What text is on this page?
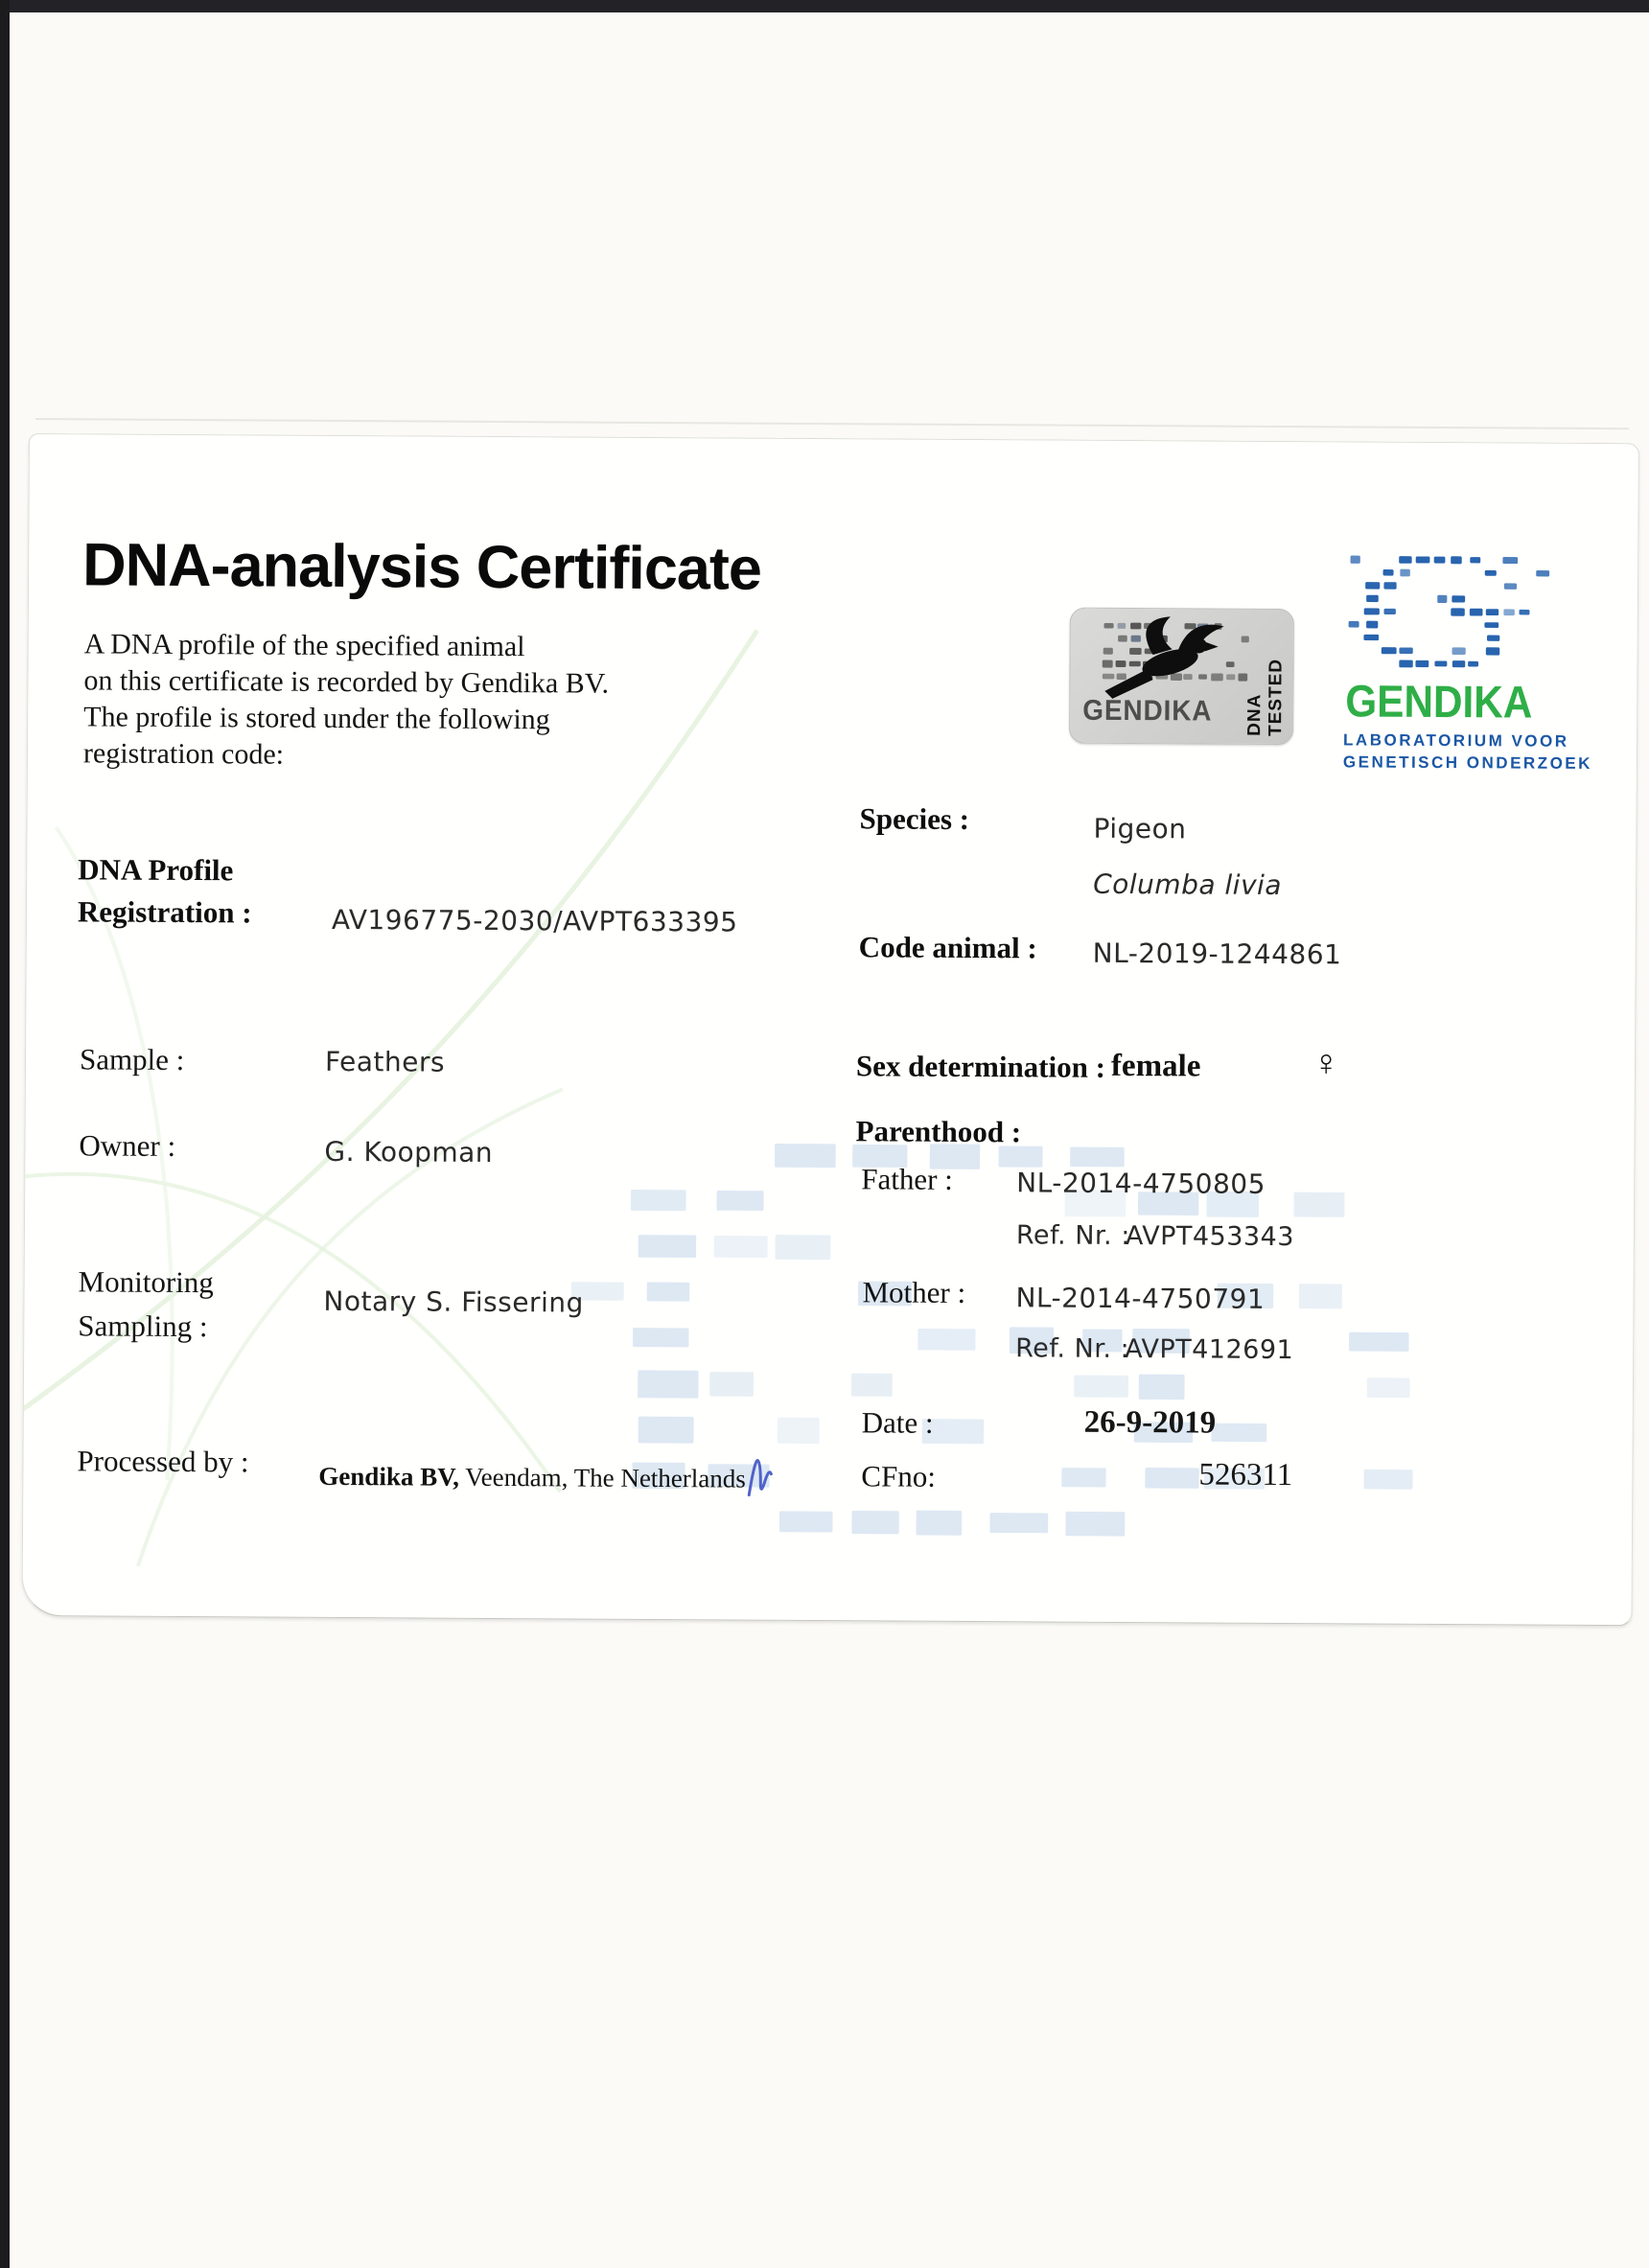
DNA-analysis Certificate
A DNA profile of the specified animal
on this certificate is recorded by Gendika BV.
The profile is stored under the following
registration code:
DNA Profile
Registration :	AV196775-2030/AVPT633395
Sample :	Feathers
Owner :	G. Koopman
Monitoring
Sampling :
Notary S. Fissering
Processed by :	Gendika BV, Veendam, The Netherlands
Species :	Pigeon
Columba livia
Code animal : NL-2019-1244861
Sex determination : female	♀
Parenthood :
Father : NL-2014-4750805
Ref. Nr. :
AVPT453343
Mother : NL-2014-4750791
Ref. Nr. :
AVPT412691
Date :	26-9-2019
CFno:	526311
GENDIKA DNA TESTED GENDIKA
LABORATORIUM VOOR
GENETISCH ONDERZOEK
